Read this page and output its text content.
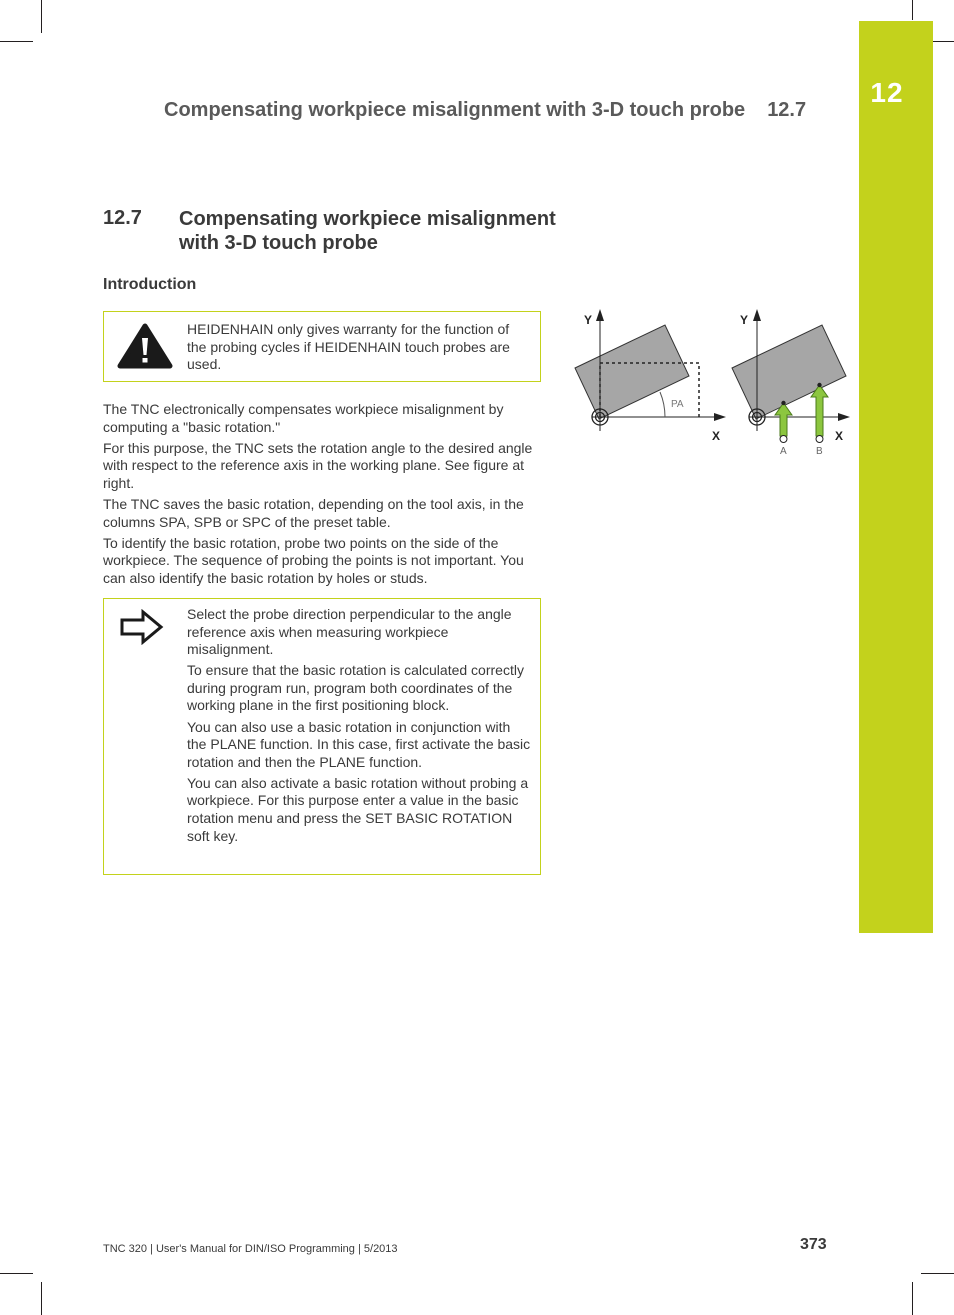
12
Compensating workpiece misalignment with 3-D touch probe 12.7
12.7 Compensating workpiece misalignment with 3-D touch probe
Introduction
HEIDENHAIN only gives warranty for the function of the probing cycles if HEIDENHAIN touch probes are used.

The TNC electronically compensates workpiece misalignment by computing a "basic rotation."

For this purpose, the TNC sets the rotation angle to the desired angle with respect to the reference axis in the working plane. See figure at right.

The TNC saves the basic rotation, depending on the tool axis, in the columns SPA, SPB or SPC of the preset table.

To identify the basic rotation, probe two points on the side of the workpiece. The sequence of probing the points is not important. You can also identify the basic rotation by holes or studs.

Select the probe direction perpendicular to the angle reference axis when measuring workpiece misalignment.

To ensure that the basic rotation is calculated correctly during program run, program both coordinates of the working plane in the first positioning block.

You can also use a basic rotation in conjunction with the PLANE function. In this case, first activate the basic rotation and then the PLANE function.

You can also activate a basic rotation without probing a workpiece. For this purpose enter a value in the basic rotation menu and press the SET BASIC ROTATION soft key.

Y
X
PA
Y
X
A	B
TNC 320 | User's Manual for DIN/ISO Programming | 5/2013	373
